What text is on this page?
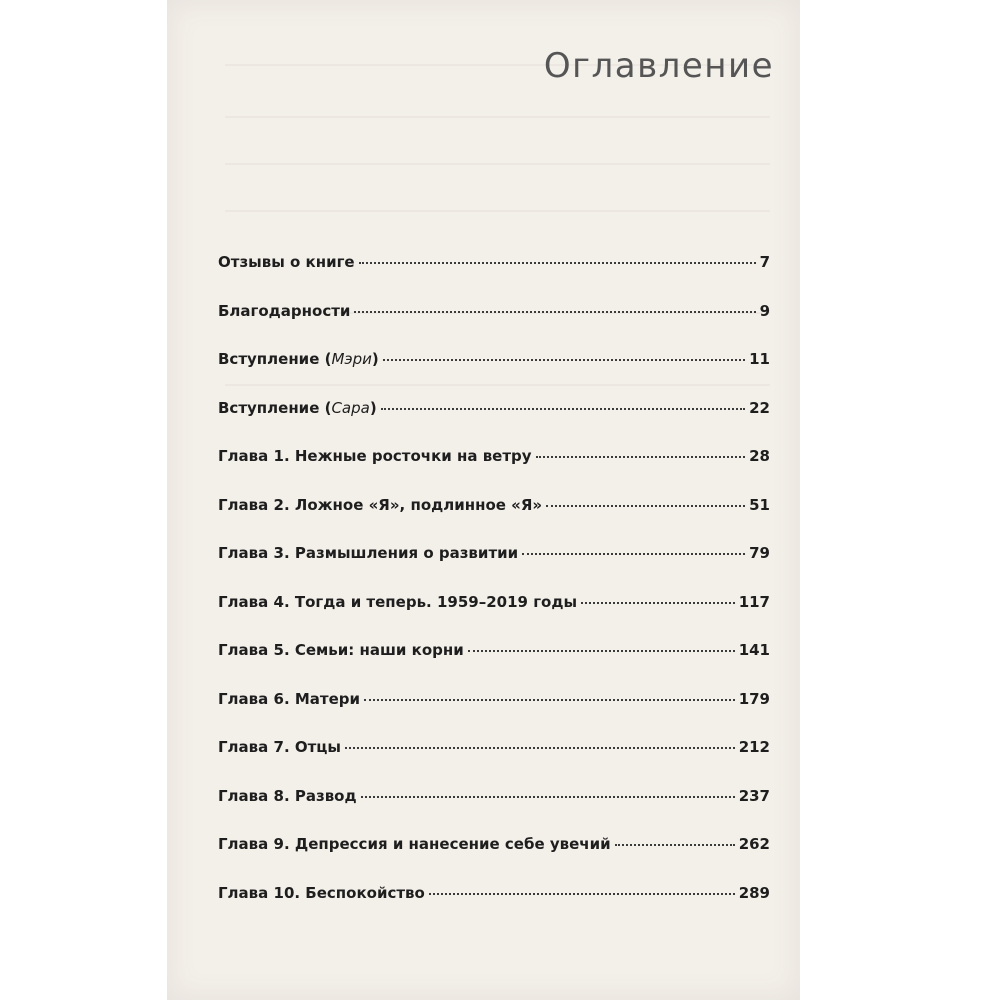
Оглавление
Отзывы о книге	7
Благодарности	9
Вступление (Мэри)	11
Вступление (Сара)	22
Глава 1. Нежные росточки на ветру	28
Глава 2. Ложное «Я», подлинное «Я»	51
Глава 3. Размышления о развитии	79
Глава 4. Тогда и теперь. 1959–2019 годы	117
Глава 5. Семьи: наши корни	141
Глава 6. Матери	179
Глава 7. Отцы	212
Глава 8. Развод	237
Глава 9. Депрессия и нанесение себе увечий	262
Глава 10. Беспокойство	289
